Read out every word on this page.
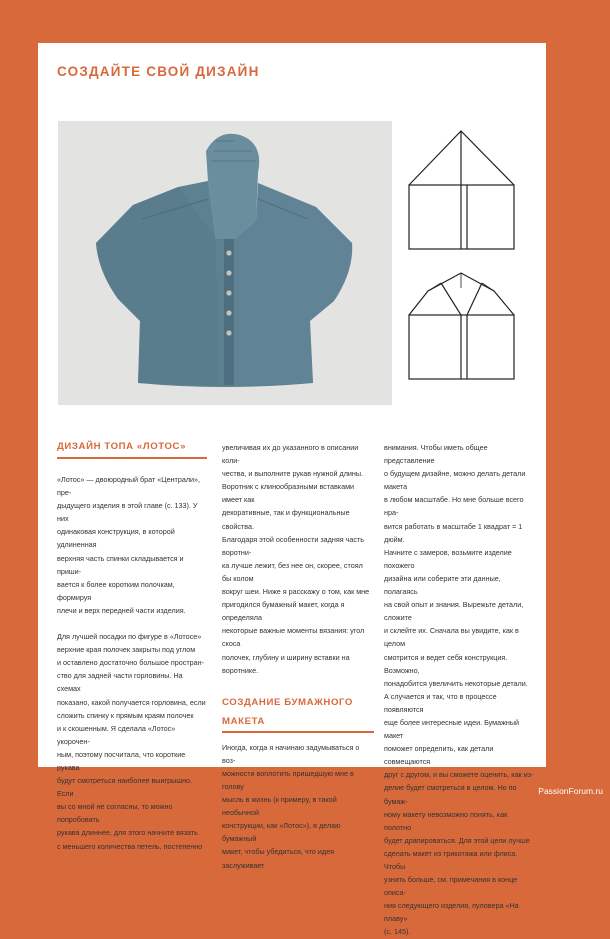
СОЗДАЙТЕ СВОЙ ДИЗАЙН
ДИЗАЙН ТОПА «ЛОТОС»
«Лотос» — двоюродный брат «Централи», пре-
дыдущего изделия в этой главе (с. 133). У них
одинаковая конструкция, в которой удлиненная
верхняя часть спинки складывается и приши-
вается к более коротким полочкам, формируя
плечи и верх передней части изделия.
Для лучшей посадки по фигуре в «Лотосе»
верхние края полочек закрыты под углом
и оставлено достаточно большое простран-
ство для задней части горловины. На схемах
показано, какой получается горловина, если
сложить спинку к прямым краям полочек
и к скошенным. Я сделала «Лотос» укорочен-
ным, поэтому посчитала, что короткие рукава
будут смотреться наиболее выигрышно. Если
вы со мной не согласны, то можно попробовать
рукава длиннее, для этого начните вязать
с меньшего количества петель, постепенно
увеличивая их до указанного в описании коли-
чества, и выполните рукав нужной длины.
Воротник с клинообразными вставками имеет как
декоративные, так и функциональные свойства.
Благодаря этой особенности задняя часть воротни-
ка лучше лежит, без нее он, скорее, стоял бы колом
вокруг шеи. Ниже я расскажу о том, как мне
пригодился бумажный макет, когда я определяла
некоторые важные моменты вязания: угол скоса
полочек, глубину и ширину вставки на воротнике.
СОЗДАНИЕ БУМАЖНОГО
МАКЕТА
Иногда, когда я начинаю задумываться о воз-
можности воплотить пришедшую мне в голову
мысль в жизнь (к примеру, в такой необычной
конструкции, как «Лотос»), я делаю бумажный
макет, чтобы убедиться, что идея заслуживает
внимания. Чтобы иметь общее представление
о будущем дизайне, можно делать детали макета
в любом масштабе. Но мне больше всего нра-
вится работать в масштабе 1 квадрат = 1 дюйм.
Начните с замеров, возьмите изделие похожего
дизайна или соберите эти данные, полагаясь
на свой опыт и знания. Вырежьте детали, сложите
и склейте их. Сначала вы увидите, как в целом
смотрится и ведет себя конструкция. Возможно,
понадобится увеличить некоторые детали.
А случается и так, что в процессе появляются
еще более интересные идеи. Бумажный макет
поможет определить, как детали совмещаются
друг с другом, и вы сможете оценить, как из-
делие будет смотреться в целом. Но по бумаж-
ному макету невозможно понять, как полотно
будет драпироваться. Для этой цели лучше
сделать макет из трикотажа или флиса. Чтобы
узнать больше, см. примечания в конце описа-
ния следующего изделия, пуловера «На плаву»
(с. 145).
PassionForum.ru
